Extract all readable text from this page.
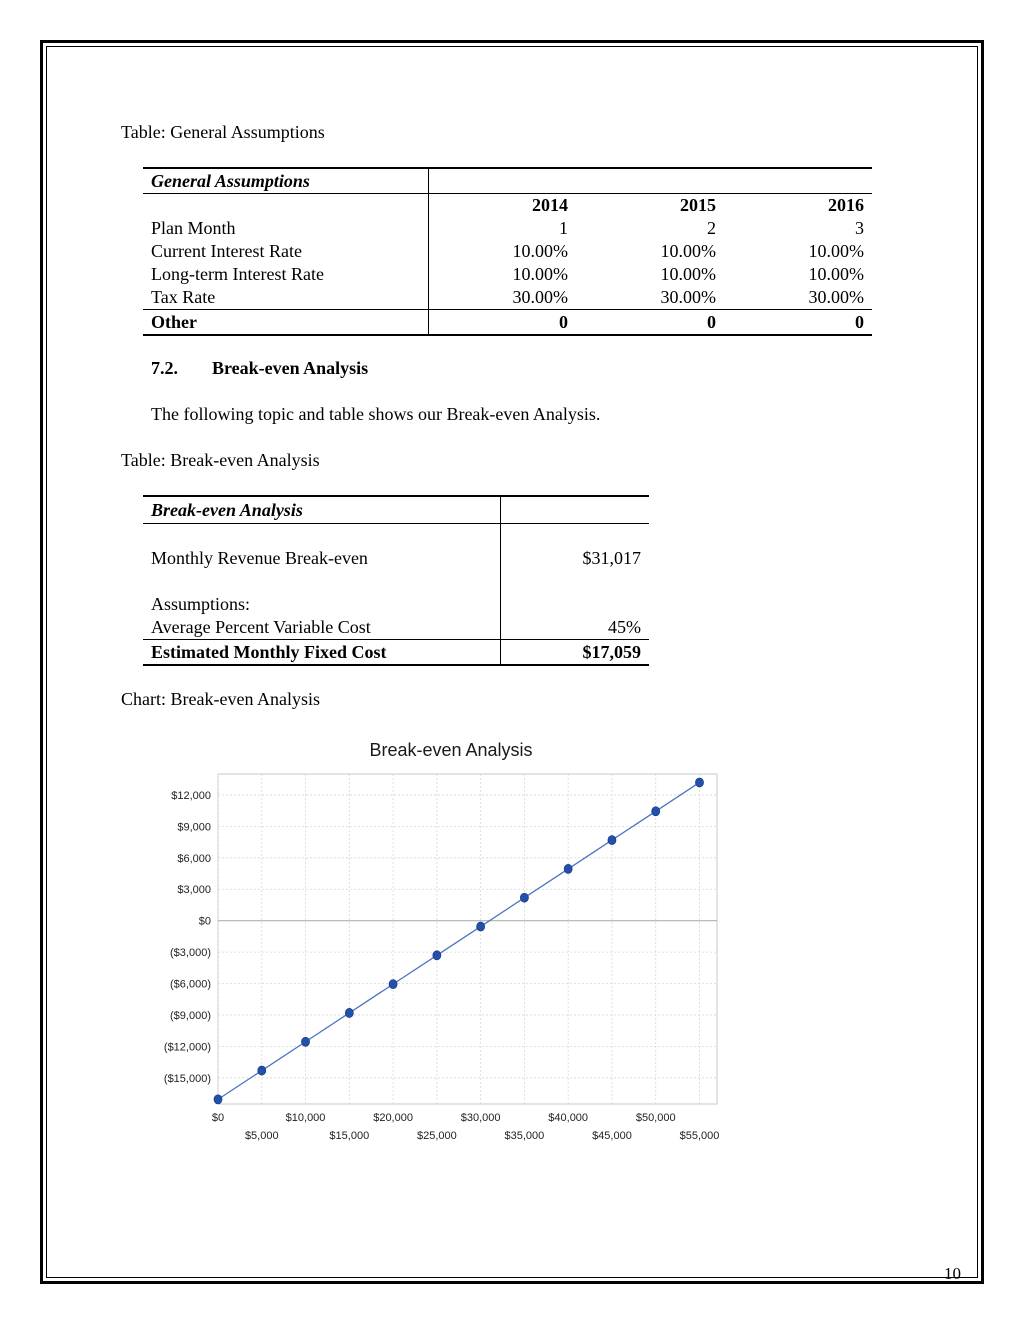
Table: General Assumptions
General Assumptions			
	2014	2015	2016
Plan Month	1	2	3
Current Interest Rate	10.00%	10.00%	10.00%
Long-term Interest Rate	10.00%	10.00%	10.00%
Tax Rate	30.00%	30.00%	30.00%
Other	0	0	0
7.2. Break-even Analysis
The following topic and table shows our Break-even Analysis.
Table: Break-even Analysis
Break-even Analysis	

Monthly Revenue Break-even	$31,017

Assumptions:	
Average Percent Variable Cost	45%
Estimated Monthly Fixed Cost	$17,059
Chart: Break-even Analysis
Break-even Analysis
$12,000
$9,000
$6,000
$3,000
$0
($3,000)
($6,000)
($9,000)
($12,000)
($15,000)
$0
$5,000
$10,000
$15,000
$20,000
$25,000
$30,000
$35,000
$40,000
$45,000
$50,000
$55,000
10
